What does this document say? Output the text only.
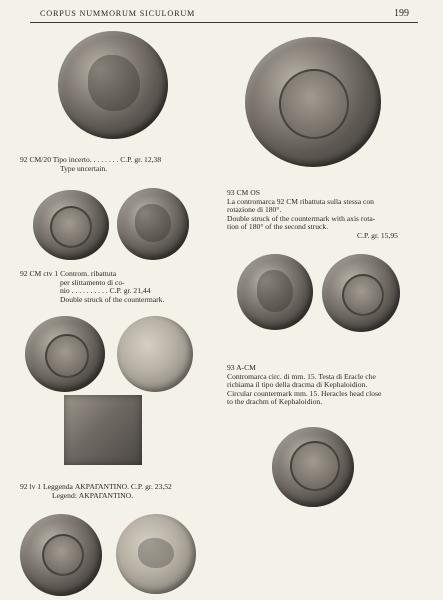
CORPUS NUMMORUM SICULORUM	199
92 CM/20 Tipo incerto. . . . . . . . C.P. gr. 12,38
Type uncertain.
92 CM ctv 1 Controm. ribattuta
per slittamento di co-
nio . . . . . . . . . . C.P. gr. 21,44
Double struck of the countermark.
92 lv 1 Leggenda ΑΚΡΑΓΑΝΤΙΝΟ. C.P. gr. 23,52
Legend: ΑΚΡΑΓΑΝΤΙΝΟ.
93 CM OS
La contromarca 92 CM ribattuta sulla stessa con
rotazione di 180°.
Double struck of the countermark with axis rota-
tion of 180° of the second struck.
C.P. gr. 15,95
93 A-CM
Contromarca circ. di mm. 15. Testa di Eracle che
richiama il tipo della dracma di Kephaloidion.
Circular countermark mm. 15. Heracles head close
to the drachm of Kephaloidion.
